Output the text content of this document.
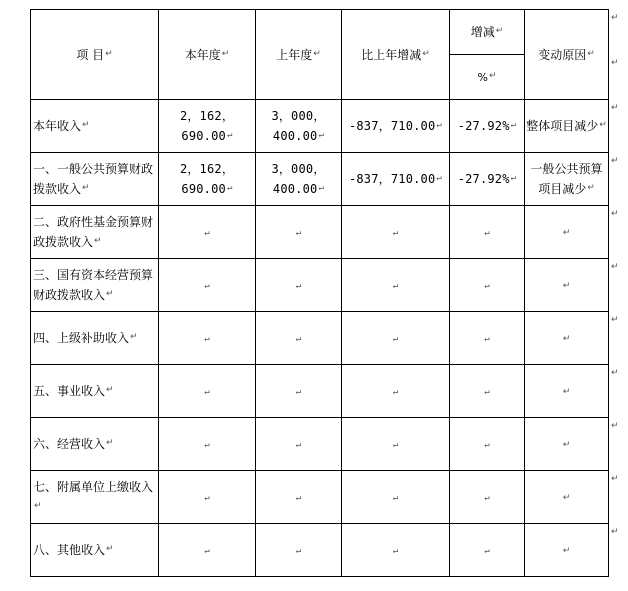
项 目↵	本年度↵	上年度↵	比上年增减↵	增减↵	变动原因↵
				%↵	
本年收入↵	2，162，690.00↵	3，000，400.00↵	-837，710.00↵	-27.92%↵	整体项目减少↵
一、一般公共预算财政拨款收入↵	2，162，690.00↵	3，000，400.00↵	-837，710.00↵	-27.92%↵	一般公共预算项目减少↵
二、政府性基金预算财政拨款收入↵	↵	↵	↵	↵	↵
三、国有资本经营预算财政拨款收入↵	↵	↵	↵	↵	↵
四、上级补助收入↵	↵	↵	↵	↵	↵
五、事业收入↵	↵	↵	↵	↵	↵
六、经营收入↵	↵	↵	↵	↵	↵
七、附属单位上缴收入↵	↵	↵	↵	↵	↵
八、其他收入↵	↵	↵	↵	↵	↵
↵
↵
↵
↵
↵
↵
↵
↵
↵
↵
↵
